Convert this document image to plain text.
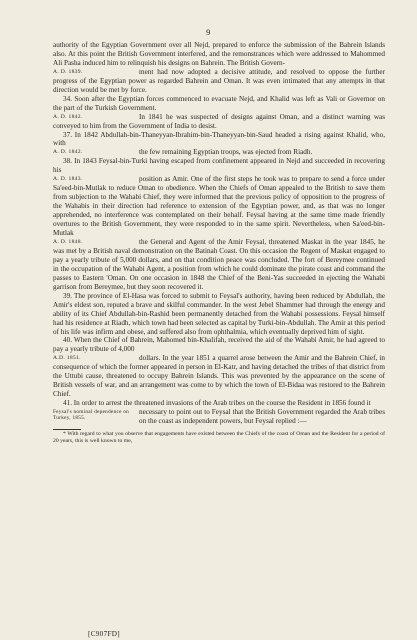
9

authority of the Egyptian Government over all Nejd, prepared to enforce the submission of the Bahrein Islands also. At this point the British Government interfered, and the remonstrances which were addressed to Mahommed Ali Pasha induced him to relinquish his designs on Bahrein. The British Govern-

A. D. 1839.	ment had now adopted a decisive attitude, and resolved to oppose the further progress of the Egyptian power as regarded Bahrein and Oman. It was even intimated that any attempts in that direction would be met by force.

34. Soon after the Egyptian forces commenced to evacuate Nejd, and Khalid was left as Vali or Governor on the part of the Turkish Government.

A. D. 1842.	In 1841 he was suspected of designs against Oman, and a distinct warning was conveyed to him from the Government of India to desist.

37. In 1842 Abdullah-bin-Thaneyyan-Ibrahim-bin-Thaneyyan-bin-Saud headed a rising against Khalid, who, with

A. D. 1842.	the few remaining Egyptian troops, was ejected from Riadh.

38. In 1843 Feysal-bin-Turki having escaped from confinement appeared in Nejd and succeeded in recovering his

A. D. 1843.	position as Amir. One of the first steps he took was to prepare to send a force under Sa'eed-bin-Mutlak to reduce Oman to obedience. When the Chiefs of Oman appealed to the British to save them from subjection to the Wahabi Chief, they were informed that the previous policy of opposition to the progress of the Wahabis in their direction had reference to extension of the Egyptian power, and, as that was no longer apprehended, no interference was contemplated on their behalf. Feysal having at the same time made friendly overtures to the British Government, they were responded to in the same spirit. Nevertheless, when Sa'eed-bin-Mutlak

A. D. 1848.	the General and Agent of the Amir Feysal, threatened Maskat in the year 1845, he was met by a British naval demonstration on the Batinah Coast. On this occasion the Regent of Maskat engaged to pay a yearly tribute of 5,000 dollars, and on that condition peace was concluded. The fort of Bereymee continued in the occupation of the Wahabi Agent, a position from which he could dominate the pirate coast and command the passes to Eastern 'Oman. On one occasion in 1848 the Chief of the Beni-Yas succeeded in ejecting the Wahabi garrison from Bereymee, but they soon recovered it.

39. The province of El-Hasa was forced to submit to Feysal's authority, having been reduced by Abdullah, the Amir's eldest son, reputed a brave and skilful commander. In the west Jebel Shammer had through the energy and ability of its Chief Abdullah-bin-Rashid been permanently detached from the Wahabi possessions. Feysal himself had his residence at Riadh, which town had been selected as capital by Turki-bin-Abdullah. The Amir at this period of his life was infirm and obese, and suffered also from ophthalmia, which eventually deprived him of sight.

40. When the Chief of Bahrein, Mahomed bin-Khalifah, received the aid of the Wahabi Amir, he had agreed to pay a yearly tribute of 4,000

A.D. 1851.	dollars. In the year 1851 a quarrel arose between the Amir and the Bahrein Chief, in consequence of which the former appeared in person in El-Katr, and having detached the tribes of that district from the Uttubi cause, threatened to occupy Bahrein Islands. This was prevented by the appearance on the scene of British vessels of war, and an arrangement was come to by which the town of El-Bidaa was restored to the Bahrein Chief.

41. In order to arrest the threatened invasions of the Arab tribes on the course the Resident in 1856 found it

Feysal's nominal dependence on Turkey, 1855.
necessary to point out to Feysal that the British Government regarded the Arab tribes on the coast as independent powers, but Feysal replied :—

* With regard to what you observe that engagements have existed between the Chiefs of the coast of Oman and the Resident for a period of 20 years, this is well known to me,

[C907FD]
